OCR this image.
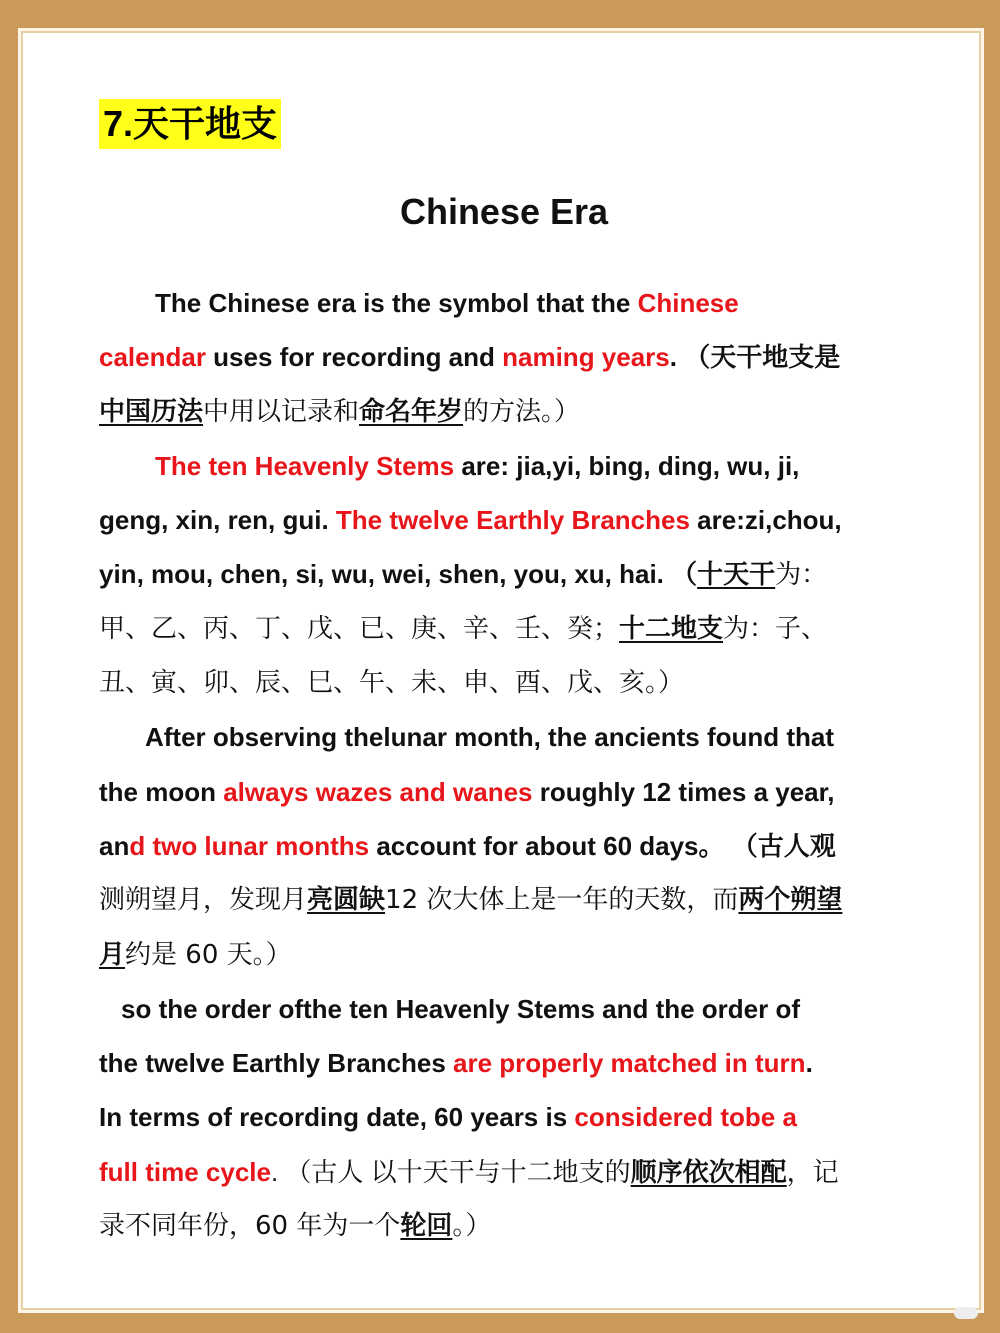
7.天干地支
Chinese Era

The Chinese era is the symbol that the Chinese
calendar uses for recording and naming years. （天干地支是
中国历法中用以记录和命名年岁的方法。）

The ten Heavenly Stems are: jia,yi, bing, ding, wu, ji,
geng, xin, ren, gui. The twelve Earthly Branches are:zi,chou,
yin, mou, chen, si, wu, wei, shen, you, xu, hai. （十天干为：
甲、乙、丙、丁、戊、已、庚、辛、壬、癸；十二地支为：子、
丑、寅、卯、辰、巳、午、未、申、酉、戊、亥。）

After observing thelunar month, the ancients found that
the moon always wazes and wanes roughly 12 times a year,
and two lunar months account for about 60 days。 （古人观
测朔望月，发现月亮圆缺12 次大体上是一年的天数，而两个朔望
月约是 60 天。）

so the order ofthe ten Heavenly Stems and the order of
the twelve Earthly Branches are properly matched in turn.
In terms of recording date, 60 years is considered tobe a
full time cycle. （古人 以十天干与十二地支的顺序依次相配，记
录不同年份，60 年为一个轮回。）
